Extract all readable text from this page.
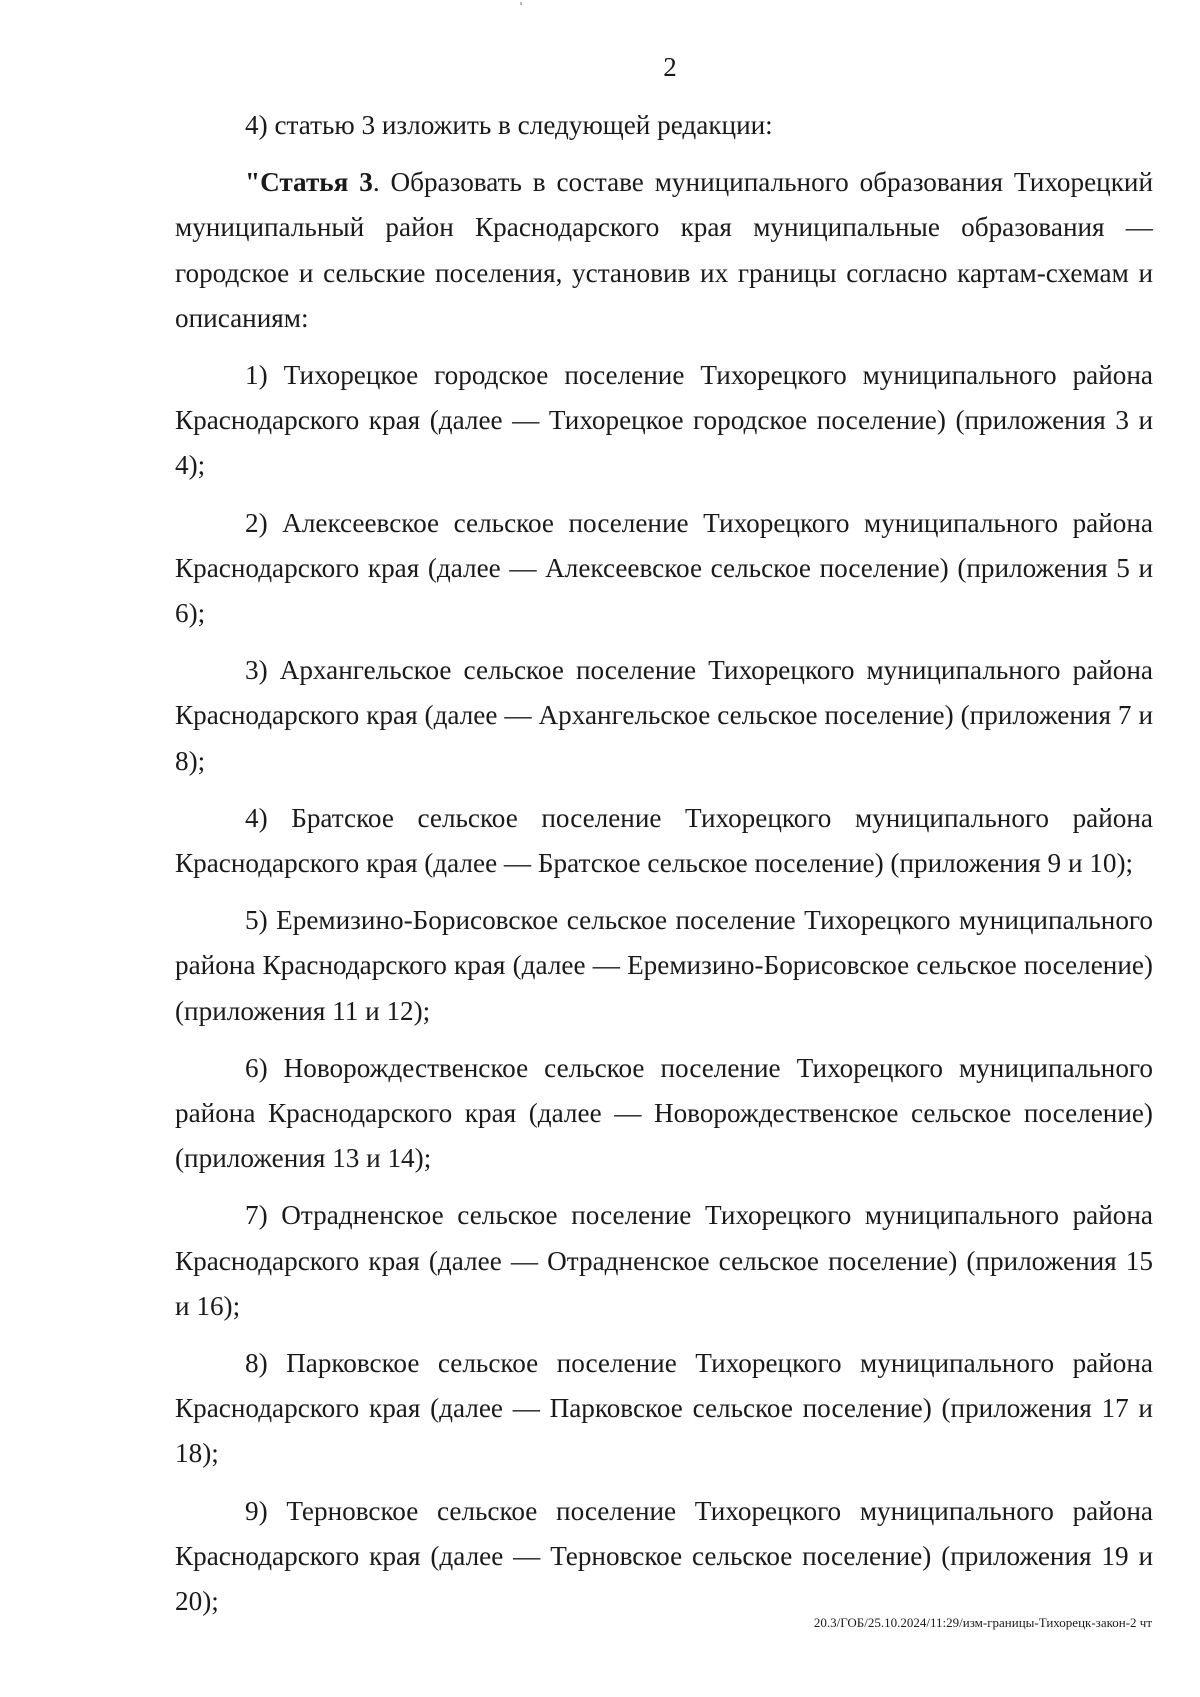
2

4) статью 3 изложить в следующей редакции:

"Статья 3. Образовать в составе муниципального образования Тихорецкий муниципальный район Краснодарского края муниципальные образования — городское и сельские поселения, установив их границы согласно картам-схемам и описаниям:

1) Тихорецкое городское поселение Тихорецкого муниципального района Краснодарского края (далее — Тихорецкое городское поселение) (приложения 3 и 4);

2) Алексеевское сельское поселение Тихорецкого муниципального района Краснодарского края (далее — Алексеевское сельское поселение) (приложения 5 и 6);

3) Архангельское сельское поселение Тихорецкого муниципального района Краснодарского края (далее — Архангельское сельское поселение) (приложения 7 и 8);

4) Братское сельское поселение Тихорецкого муниципального района Краснодарского края (далее — Братское сельское поселение) (приложения 9 и 10);

5) Еремизино-Борисовское сельское поселение Тихорецкого муниципального района Краснодарского края (далее — Еремизино-Борисовское сельское поселение) (приложения 11 и 12);

6) Новорождественское сельское поселение Тихорецкого муниципального района Краснодарского края (далее — Новорождественское сельское поселение) (приложения 13 и 14);

7) Отрадненское сельское поселение Тихорецкого муниципального района Краснодарского края (далее — Отрадненское сельское поселение) (приложения 15 и 16);

8) Парковское сельское поселение Тихорецкого муниципального района Краснодарского края (далее — Парковское сельское поселение) (приложения 17 и 18);

9) Терновское сельское поселение Тихорецкого муниципального района Краснодарского края (далее — Терновское сельское поселение) (приложения 19 и 20);

20.3/ГОБ/25.10.2024/11:29/изм-границы-Тихорецк-закон-2 чт
